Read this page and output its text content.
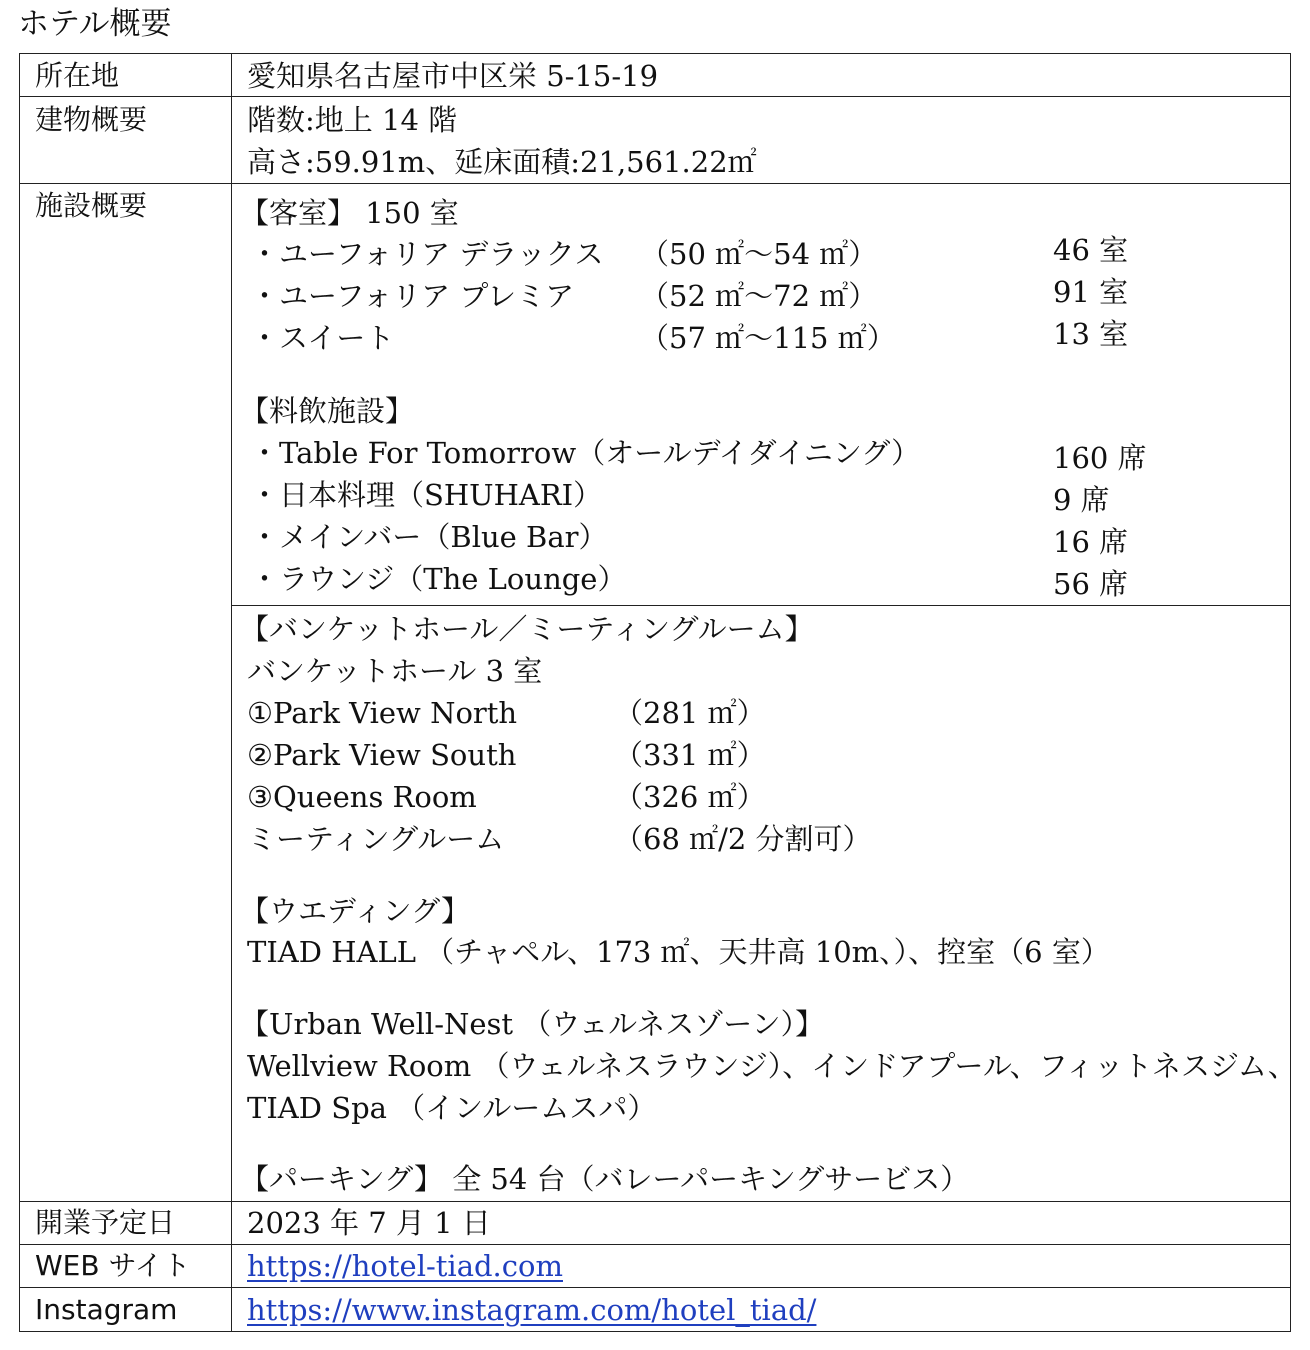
ホテル概要
所在地	愛知県名古屋市中区栄 5-15-19
建物概要	階数:地上 14 階
高さ:59.91m、延床面積:21,561.22㎡
施設概要	【客室】 150 室
・ユーフォリア デラックス （50 ㎡～54 ㎡）	46 室
・ユーフォリア プレミア （52 ㎡～72 ㎡）	91 室
・スイート	（57 ㎡～115 ㎡）	13 室
【料飲施設】
・Table For Tomorrow（オールデイダイニング）	160 席
・日本料理（SHUHARI）	9 席
・メインバー（Blue Bar）	16 席
・ラウンジ（The Lounge）	56 席
【バンケットホール／ミーティングルーム】
バンケットホール 3 室
①Park View North	（281 ㎡）
②Park View South	（331 ㎡）
③Queens Room	（326 ㎡）
ミーティングルーム	（68 ㎡/2 分割可）
【ウエディング】
TIAD HALL （チャペル、173 ㎡、天井高 10m、）、控室（6 室）
【Urban Well-Nest （ウェルネスゾーン）】
Wellview Room （ウェルネスラウンジ）、インドアプール、フィットネスジム、
TIAD Spa （インルームスパ）
【パーキング】 全 54 台（バレーパーキングサービス）
開業予定日 2023 年 7 月 1 日
WEB サイト https://hotel-tiad.com
Instagram https://www.instagram.com/hotel_tiad/
